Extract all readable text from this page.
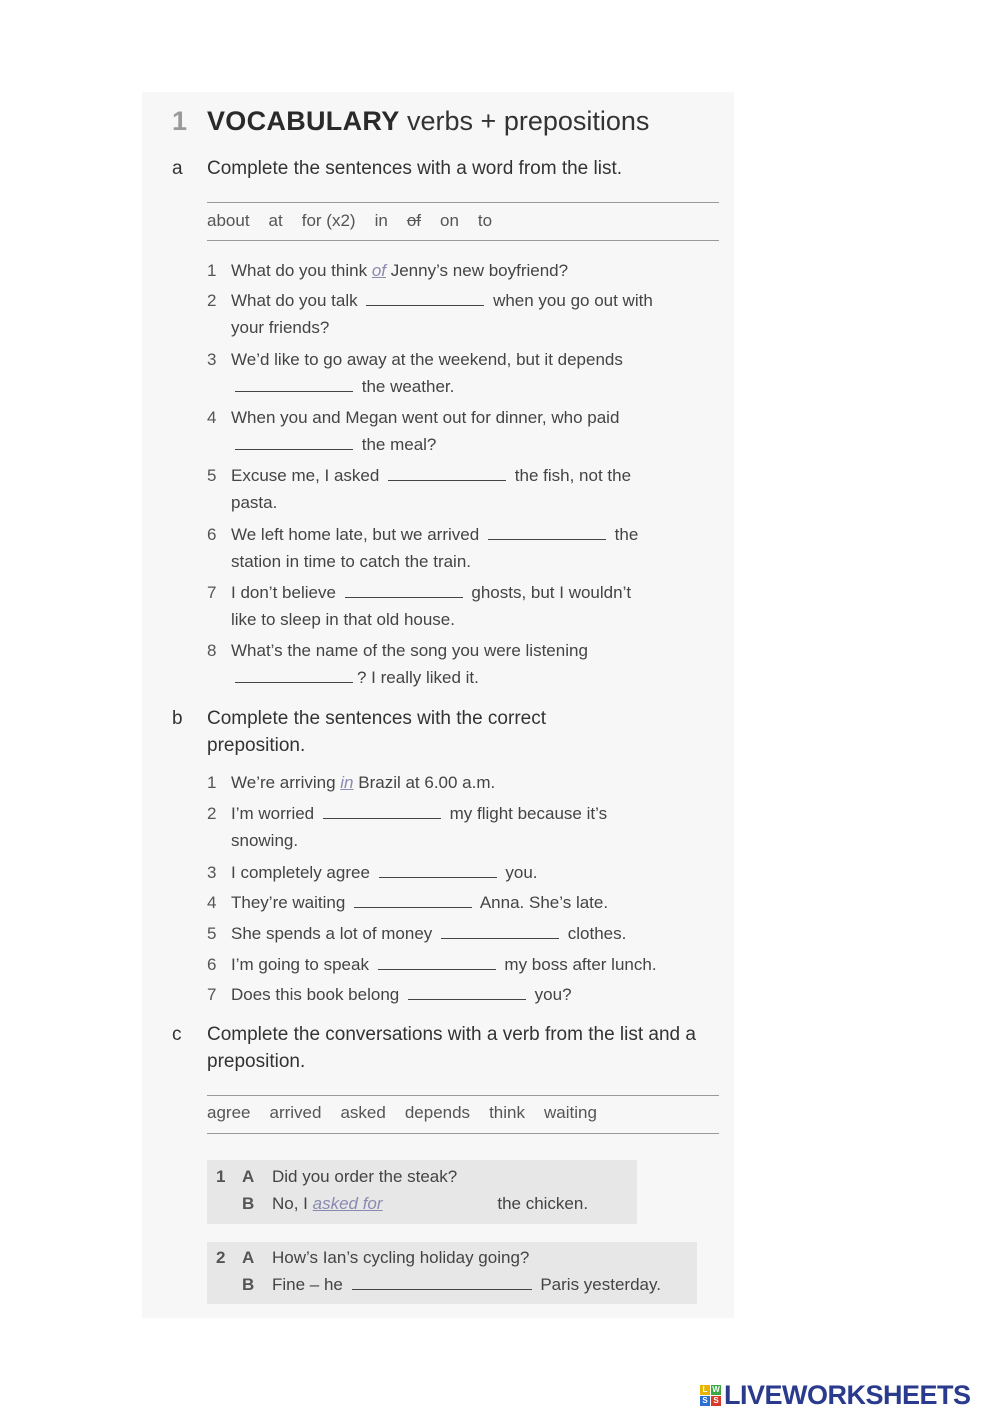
1 VOCABULARY verbs + prepositions
a Complete the sentences with a word from the list.
about at for (x2) in of on to
1 What do you think of Jenny’s new boyfriend?
2 What do you talk	when you go out with
your friends?
3 We’d like to go away at the weekend, but it depends
the weather.
4 When you and Megan went out for dinner, who paid
the meal?
5 Excuse me, I asked	the fish, not the
pasta.
6 We left home late, but we arrived	the
station in time to catch the train.
7 I don’t believe	ghosts, but I wouldn’t
like to sleep in that old house.
8 What’s the name of the song you were listening
? I really liked it.
b Complete the sentences with the correct preposition.
1 We’re arriving in Brazil at 6.00 a.m.
2 I’m worried	my flight because it’s
snowing.
3 I completely agree	you.
4 They’re waiting	Anna. She’s late.
5 She spends a lot of money	clothes.
6 I’m going to speak	my boss after lunch.
7 Does this book belong	you?
c Complete the conversations with a verb from the list and a preposition.
agree arrived asked depends think waiting
1 A Did you order the steak?
B No, I asked for	the chicken.
2 A How’s Ian’s cycling holiday going?
B Fine – he	Paris yesterday.
L W
S S LIVEWORKSHEETS
